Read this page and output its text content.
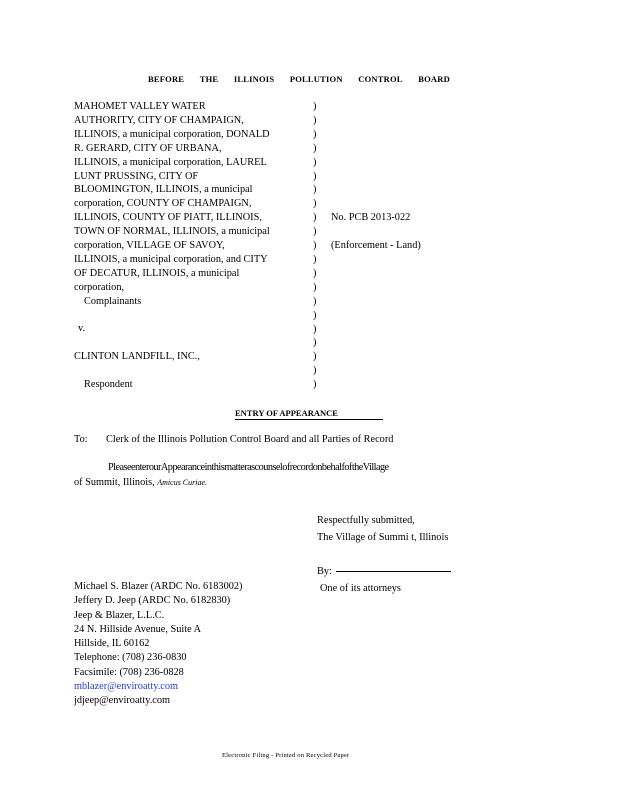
BEFORE THE ILLINOIS POLLUTION CONTROL BOARD
MAHOMET VALLEY WATER
AUTHORITY, CITY OF CHAMPAIGN,
ILLINOIS, a municipal corporation, DONALD
R. GERARD, CITY OF URBANA,
ILLINOIS, a municipal corporation, LAUREL
LUNT PRUSSING, CITY OF
BLOOMINGTON, ILLINOIS, a municipal
corporation, COUNTY OF CHAMPAIGN,
ILLINOIS, COUNTY OF PIATT, ILLINOIS,
TOWN OF NORMAL, ILLINOIS, a municipal
corporation, VILLAGE OF SAVOY,
ILLINOIS, a municipal corporation, and CITY
OF DECATUR, ILLINOIS, a municipal
corporation,
Complainants
v.
CLINTON LANDFILL, INC.,
Respondent
)
)
)
)
)
)
)
)
)
)
)
)
)
)
)
)
)
)
)
)
)
No. PCB 2013-022
(Enforcement - Land)
ENTRY OF APPEARANCE
To: Clerk of the Illinois Pollution Control Board and all Parties of Record
PleaseenterourAppearanceinthismatterascounselofrecordonbehalfoftheVillage
of Summit, Illinois, Amicus Curiae.
Respectfully submitted,
The Village of Summi t, Illinois
By:
One of its attorneys
Michael S. Blazer (ARDC No. 6183002)
Jeffery D. Jeep (ARDC No. 6182830)
Jeep & Blazer, L.L.C.
24 N. Hillside Avenue, Suite A
Hillside, IL 60162
Telephone: (708) 236-0830
Facsimile: (708) 236-0828
mblazer@enviroatty.com
jdjeep@enviroatty.com
Electronic Filing - Printed on Recycled Paper
